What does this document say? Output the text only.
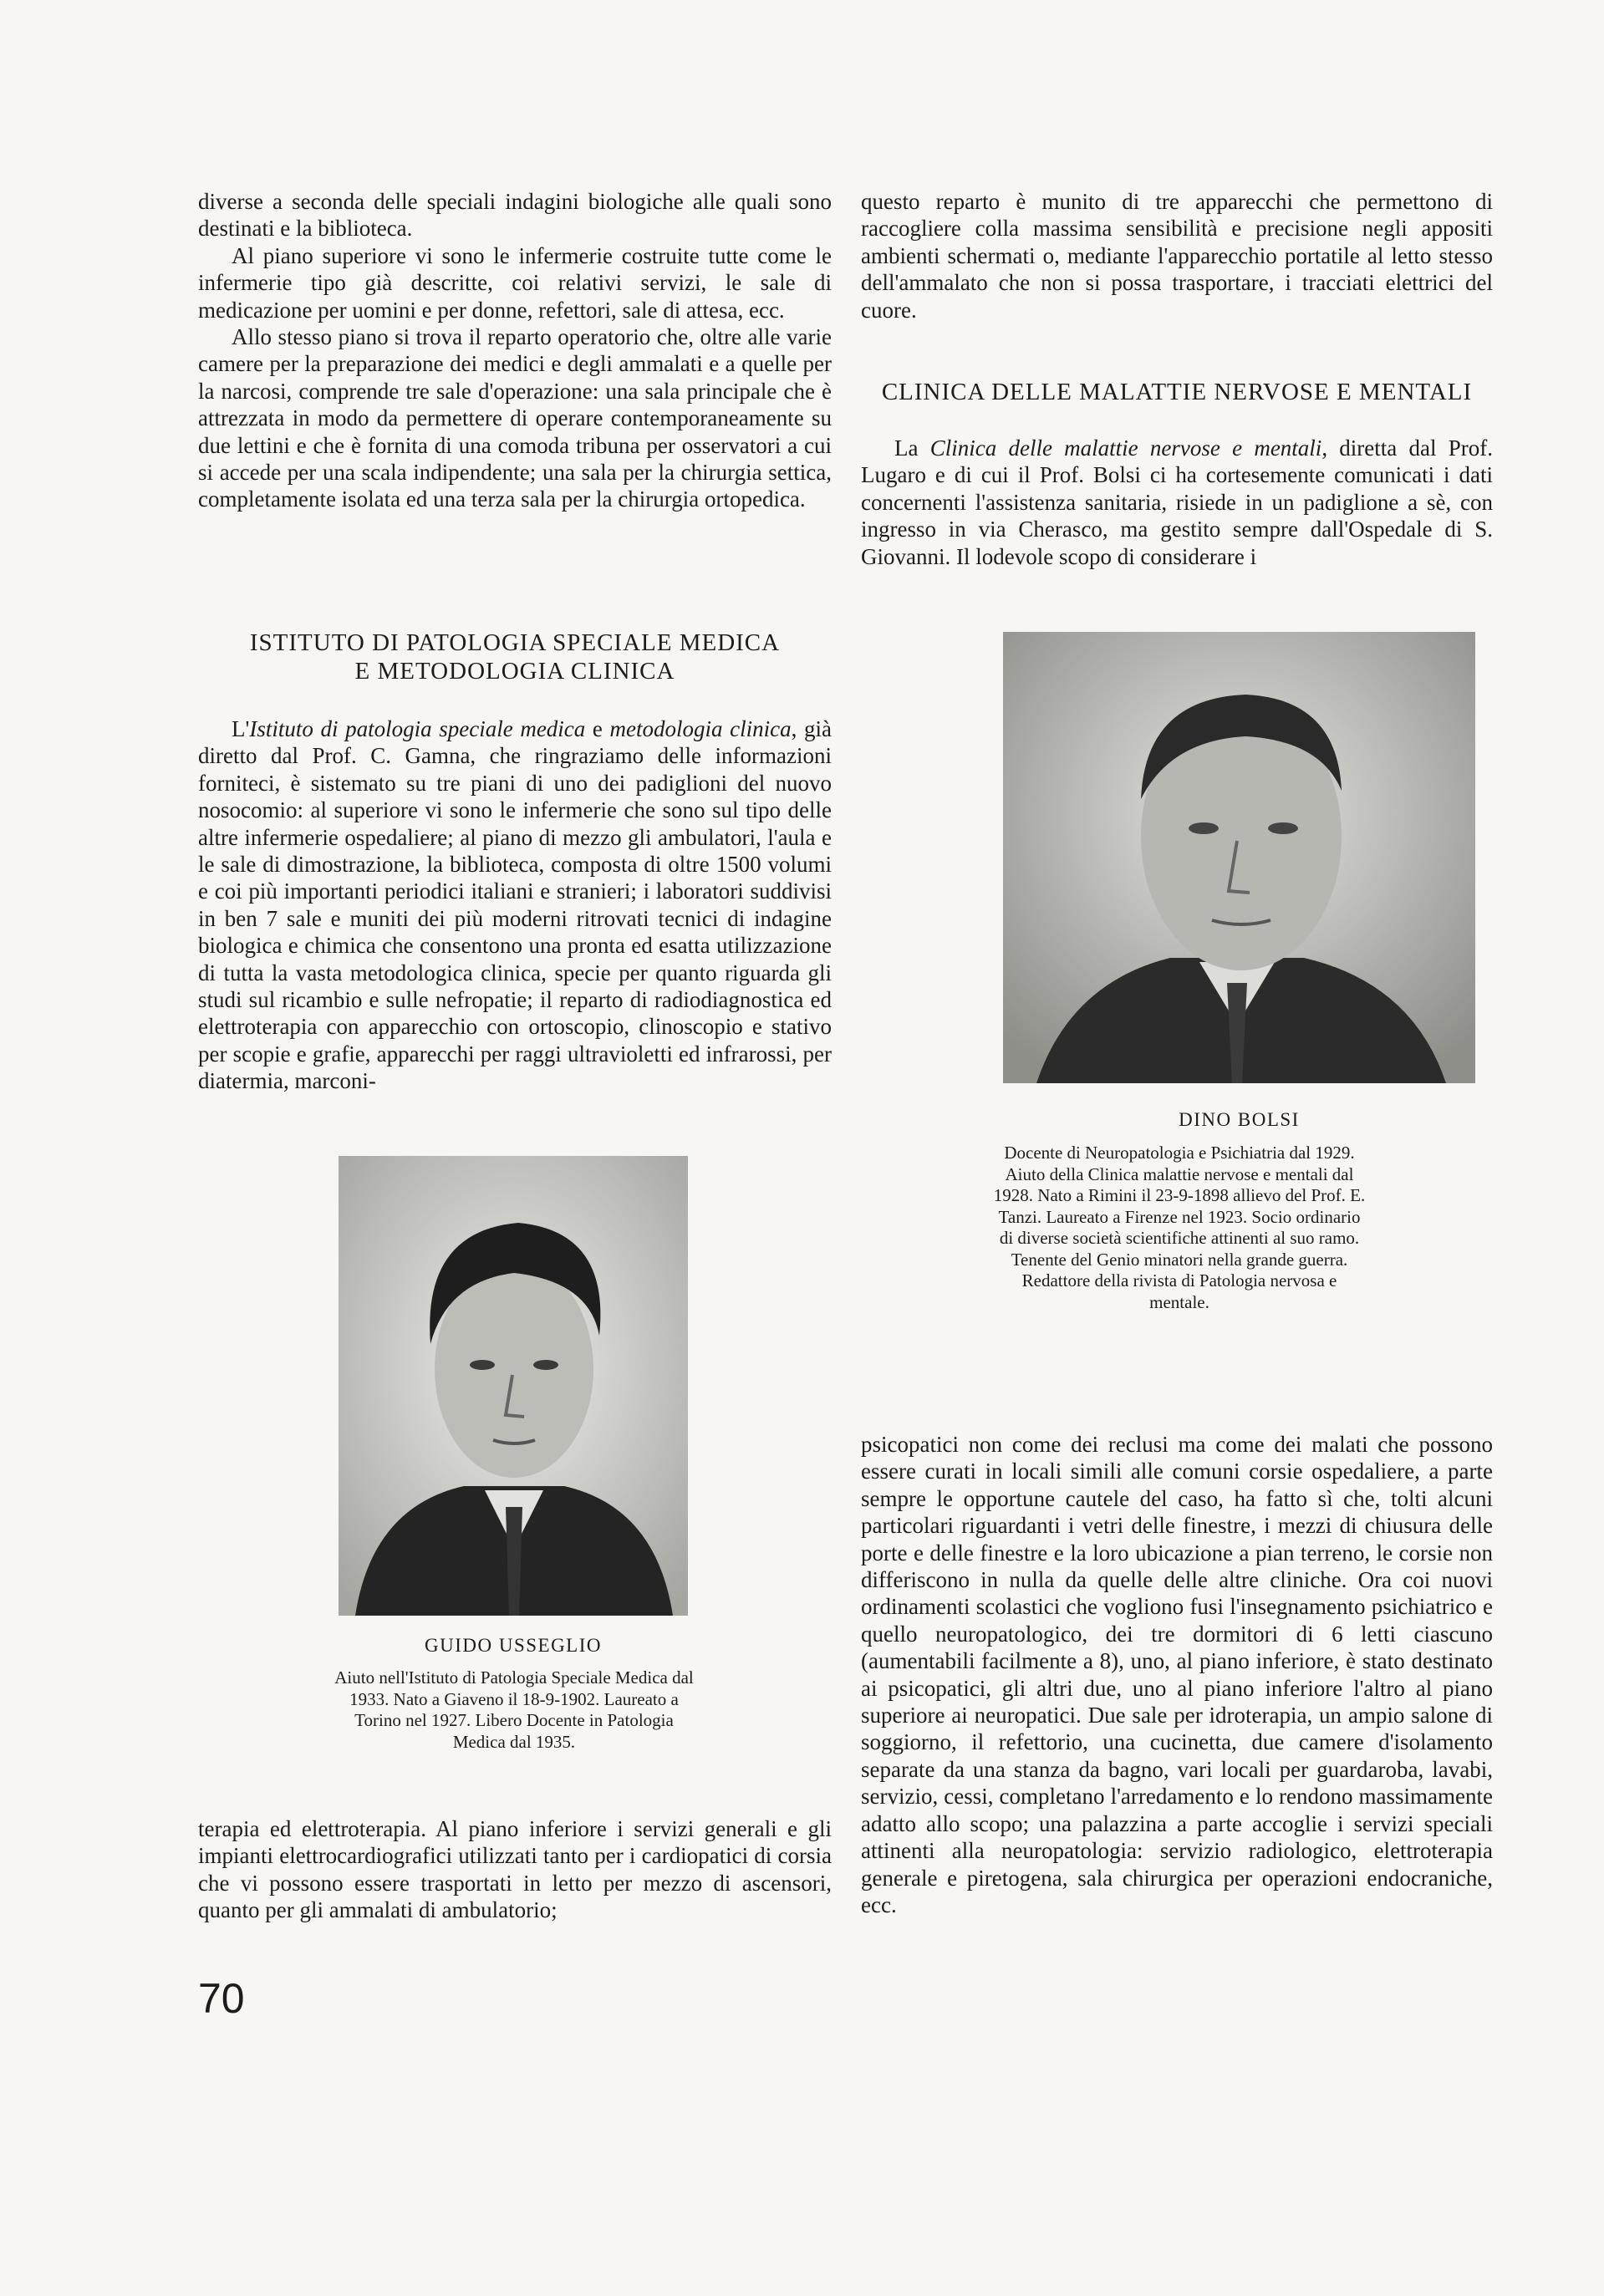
diverse a seconda delle speciali indagini biologiche alle quali sono destinati e la biblioteca.

Al piano superiore vi sono le infermerie costruite tutte come le infermerie tipo già descritte, coi relativi servizi, le sale di medicazione per uomini e per donne, refettori, sale di attesa, ecc.

Allo stesso piano si trova il reparto operatorio che, oltre alle varie camere per la preparazione dei medici e degli ammalati e a quelle per la narcosi, comprende tre sale d'operazione: una sala principale che è attrezzata in modo da permettere di operare contemporaneamente su due lettini e che è fornita di una comoda tribuna per osservatori a cui si accede per una scala indipendente; una sala per la chirurgia settica, completamente isolata ed una terza sala per la chirurgia ortopedica.

questo reparto è munito di tre apparecchi che permettono di raccogliere colla massima sensibilità e precisione negli appositi ambienti schermati o, mediante l'apparecchio portatile al letto stesso dell'ammalato che non si possa trasportare, i tracciati elettrici del cuore.

CLINICA DELLE MALATTIE NERVOSE E MENTALI

La Clinica delle malattie nervose e mentali, diretta dal Prof. Lugaro e di cui il Prof. Bolsi ci ha cortesemente comunicati i dati concernenti l'assistenza sanitaria, risiede in un padiglione a sè, con ingresso in via Cherasco, ma gestito sempre dall'Ospedale di S. Giovanni. Il lodevole scopo di considerare i

ISTITUTO DI PATOLOGIA SPECIALE MEDICA
E METODOLOGIA CLINICA

L'Istituto di patologia speciale medica e metodologia clinica, già diretto dal Prof. C. Gamna, che ringraziamo delle informazioni forniteci, è sistemato su tre piani di uno dei padiglioni del nuovo nosocomio: al superiore vi sono le infermerie che sono sul tipo delle altre infermerie ospedaliere; al piano di mezzo gli ambulatori, l'aula e le sale di dimostrazione, la biblioteca, composta di oltre 1500 volumi e coi più importanti periodici italiani e stranieri; i laboratori suddivisi in ben 7 sale e muniti dei più moderni ritrovati tecnici di indagine biologica e chimica che consentono una pronta ed esatta utilizzazione di tutta la vasta metodologica clinica, specie per quanto riguarda gli studi sul ricambio e sulle nefropatie; il reparto di radiodiagnostica ed elettroterapia con apparecchio con ortoscopio, clinoscopio e stativo per scopie e grafie, apparecchi per raggi ultravioletti ed infrarossi, per diatermia, marconi-

DINO BOLSI
Docente di Neuropatologia e Psichiatria dal 1929. Aiuto della Clinica malattie nervose e mentali dal 1928. Nato a Rimini il 23-9-1898 allievo del Prof. E. Tanzi. Laureato a Firenze nel 1923. Socio ordinario di diverse società scientifiche attinenti al suo ramo. Tenente del Genio minatori nella grande guerra. Redattore della rivista di Patologia nervosa e mentale.
GUIDO USSEGLIO
Aiuto nell'Istituto di Patologia Speciale Medica dal 1933. Nato a Giaveno il 18-9-1902. Laureato a Torino nel 1927. Libero Docente in Patologia Medica dal 1935.

terapia ed elettroterapia. Al piano inferiore i servizi generali e gli impianti elettrocardiografici utilizzati tanto per i cardiopatici di corsia che vi possono essere trasportati in letto per mezzo di ascensori, quanto per gli ammalati di ambulatorio;

psicopatici non come dei reclusi ma come dei malati che possono essere curati in locali simili alle comuni corsie ospedaliere, a parte sempre le opportune cautele del caso, ha fatto sì che, tolti alcuni particolari riguardanti i vetri delle finestre, i mezzi di chiusura delle porte e delle finestre e la loro ubicazione a pian terreno, le corsie non differiscono in nulla da quelle delle altre cliniche. Ora coi nuovi ordinamenti scolastici che vogliono fusi l'insegnamento psichiatrico e quello neuropatologico, dei tre dormitori di 6 letti ciascuno (aumentabili facilmente a 8), uno, al piano inferiore, è stato destinato ai psicopatici, gli altri due, uno al piano inferiore l'altro al piano superiore ai neuropatici. Due sale per idroterapia, un ampio salone di soggiorno, il refettorio, una cucinetta, due camere d'isolamento separate da una stanza da bagno, vari locali per guardaroba, lavabi, servizio, cessi, completano l'arredamento e lo rendono massimamente adatto allo scopo; una palazzina a parte accoglie i servizi speciali attinenti alla neuropatologia: servizio radiologico, elettroterapia generale e piretogena, sala chirurgica per operazioni endocraniche, ecc.

70
